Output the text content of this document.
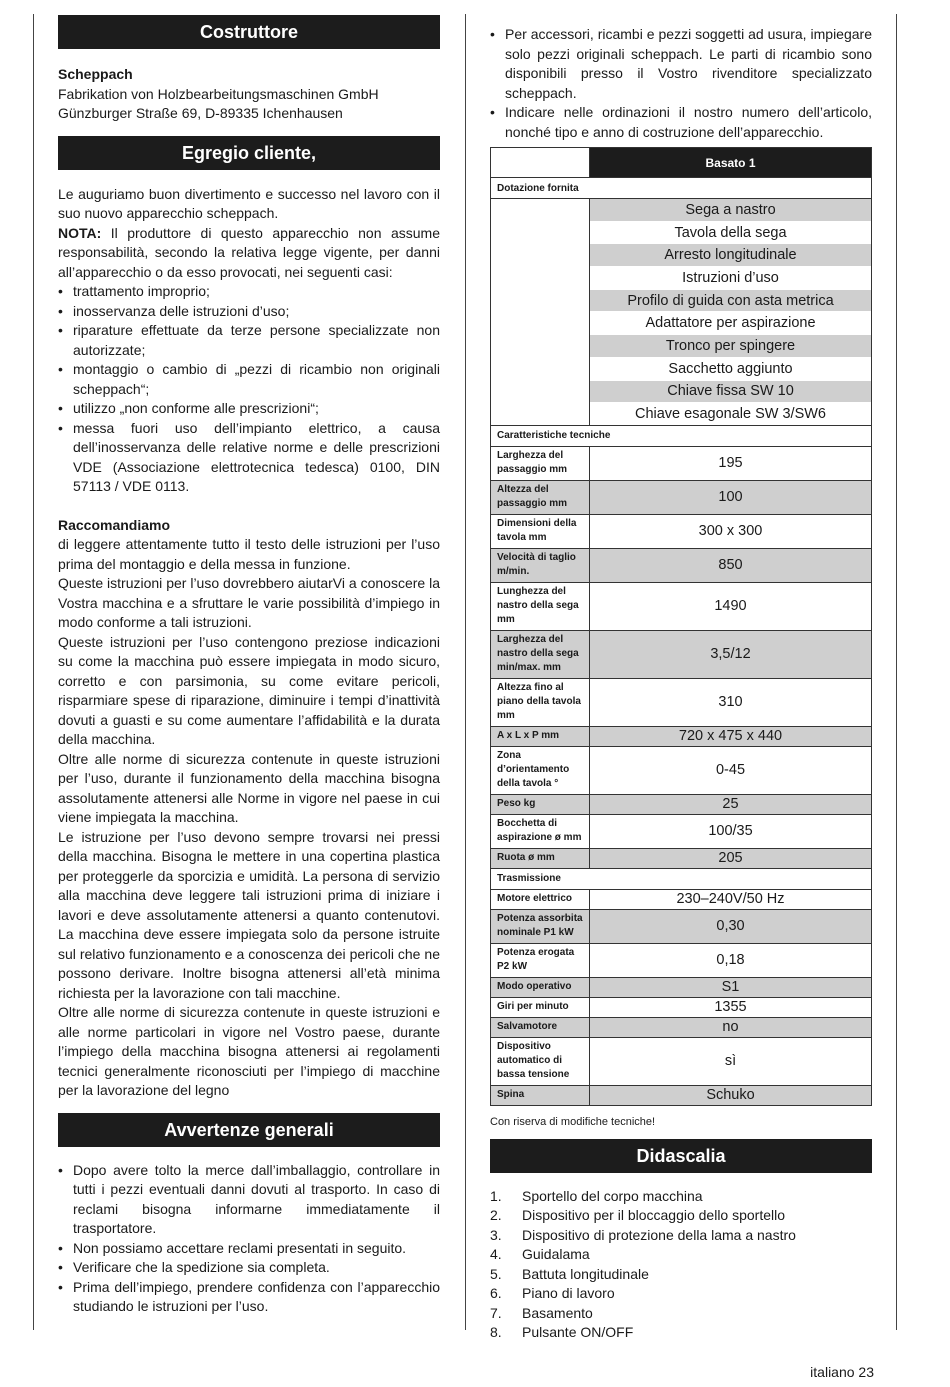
Costruttore

Scheppach

Fabrikation von Holzbearbeitungsmaschinen GmbH

Günzburger Straße 69, D-89335 Ichenhausen

Egregio cliente,

Le auguriamo buon divertimento e successo nel lavoro con il suo nuovo apparecchio scheppach.

NOTA: Il produttore di questo apparecchio non assume responsabilità, secondo la relativa legge vigente, per danni all’apparecchio o da esso provocati, nei seguenti casi:

• trattamento improprio;
• inosservanza delle istruzioni d’uso;
• riparature effettuate da terze persone specializzate non autorizzate;
• montaggio o cambio di „pezzi di ricambio non originali scheppach“;
• utilizzo „non conforme alle prescrizioni“;
• messa fuori uso dell’impianto elettrico, a causa dell’inosservanza delle relative norme e delle prescrizioni VDE (Associazione elettrotecnica tedesca) 0100, DIN 57113 / VDE 0113.

Raccomandiamo

di leggere attentamente tutto il testo delle istruzioni per l’uso prima del montaggio e della messa in funzione.

Queste istruzioni per l’uso dovrebbero aiutarVi a conoscere la Vostra macchina e a sfruttare le varie possibilità d’impiego in modo conforme a tali istruzioni.

Queste istruzioni per l’uso contengono preziose indicazioni su come la macchina può essere impiegata in modo sicuro, corretto e con parsimonia, su come evitare pericoli, risparmiare spese di riparazione, diminuire i tempi d’inattività dovuti a guasti e su come aumentare l’affidabilità e la durata della macchina.

Oltre alle norme di sicurezza contenute in queste istruzioni per l’uso, durante il funzionamento della macchina bisogna assolutamente attenersi alle Norme in vigore nel paese in cui viene impiegata la macchina.

Le istruzione per l’uso devono sempre trovarsi nei pressi della macchina. Bisogna le mettere in una copertina plastica per proteggerle da sporcizia e umidità. La persona di servizio alla macchina deve leggere tali istruzioni prima di iniziare i lavori e deve assolutamente attenersi a quanto contenutovi. La macchina deve essere impiegata solo da persone istruite sul relativo funzionamento e a conoscenza dei pericoli che ne possono derivare. Inoltre bisogna attenersi all’età minima richiesta per la lavorazione con tali macchine.

Oltre alle norme di sicurezza contenute in queste istruzioni e alle norme particolari in vigore nel Vostro paese, durante l’impiego della macchina bisogna attenersi ai regolamenti tecnici generalmente riconosciuti per l’impiego di macchine per la lavorazione del legno

Avvertenze generali
• Dopo avere tolto la merce dall’imballaggio, controllare in tutti i pezzi eventuali danni dovuti al trasporto. In caso di reclami bisogna informarne immediatamente il trasportatore.
• Non possiamo accettare reclami presentati in seguito.
• Verificare che la spedizione sia completa.
• Prima dell’impiego, prendere confidenza con l’apparecchio studiando le istruzioni per l’uso.
• Per accessori, ricambi e pezzi soggetti ad usura, impiegare solo pezzi originali scheppach. Le parti di ricambio sono disponibili presso il Vostro rivenditore specializzato scheppach.
• Indicare nelle ordinazioni il nostro numero dell’articolo, nonché tipo e anno di costruzione dell’apparecchio.
	Basato 1
Dotazione fornita

Sega a nastro
Tavola della sega
Arresto longitudinale
Istruzioni d’uso
Profilo di guida con asta metrica
Adattatore per aspirazione
Tronco per spingere
Sacchetto aggiunto
Chiave fissa SW 10
Chiave esagonale SW 3/SW6

Caratteristiche tecniche
Larghezza del passaggio mm	195
Altezza del passaggio mm	100
Dimensioni della tavola mm	300 x 300
Velocità di taglio m/min.	850
Lunghezza del nastro della sega mm	1490
Larghezza del nastro della sega min/max. mm	3,5/12
Altezza fino al piano della tavola mm	310
A x L x P mm	720 x 475 x 440
Zona d’orientamento della tavola °	0-45
Peso kg	25
Bocchetta di aspirazione ø mm	100/35
Ruota ø mm	205
Trasmissione
Motore elettrico	230–240V/50 Hz
Potenza assorbita nominale P1 kW	0,30
Potenza erogata P2 kW	0,18
Modo operativo	S1
Giri per minuto	1355
Salvamotore	no
Dispositivo automatico di bassa tensione	sì
Spina	Schuko
Con riserva di modifiche tecniche!
Didascalia
1.	Sportello del corpo macchina
2.	Dispositivo per il bloccaggio dello sportello
3.	Dispositivo di protezione della lama a nastro
4.	Guidalama
5.	Battuta longitudinale
6.	Piano di lavoro
7.	Basamento
8.	Pulsante ON/OFF
italiano 23
